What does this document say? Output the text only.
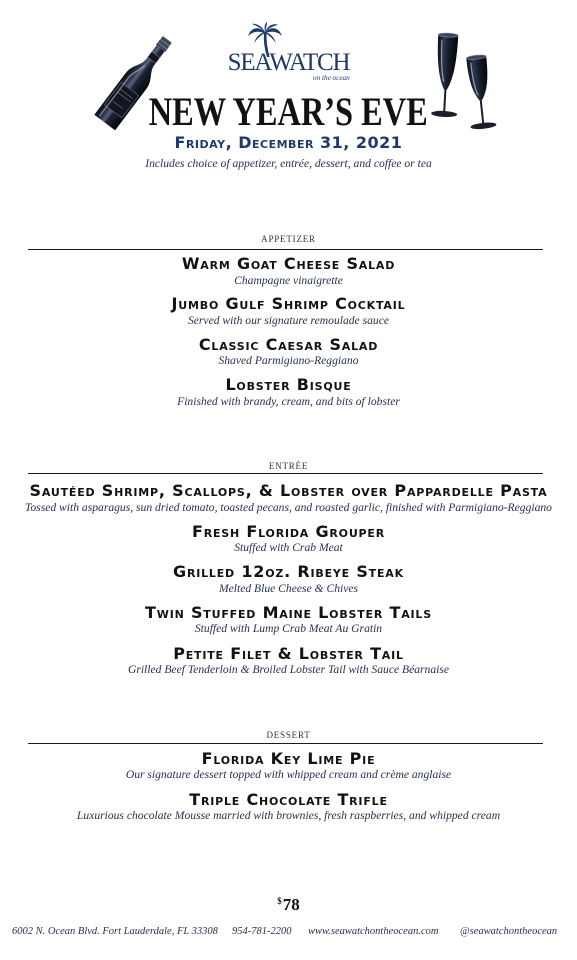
SEAWATCH
on the ocean
NEW YEAR’S EVE
Friday, December 31, 2021
Includes choice of appetizer, entrée, dessert, and coffee or tea
APPETIZER
Warm Goat Cheese Salad
Champagne vinaigrette
Jumbo Gulf Shrimp Cocktail
Served with our signature remoulade sauce
Classic Caesar Salad
Shaved Parmigiano-Reggiano
Lobster Bisque
Finished with brandy, cream, and bits of lobster
ENTRÉE
Sautéed Shrimp, Scallops, & Lobster over Pappardelle Pasta
Tossed with asparagus, sun dried tomato, toasted pecans, and roasted garlic, finished with Parmigiano-Reggiano
Fresh Florida Grouper
Stuffed with Crab Meat
Grilled 12oz. Ribeye Steak
Melted Blue Cheese & Chives
Twin Stuffed Maine Lobster Tails
Stuffed with Lump Crab Meat Au Gratin
Petite Filet & Lobster Tail
Grilled Beef Tenderloin & Broiled Lobster Tail with Sauce Béarnaise
DESSERT
Florida Key Lime Pie
Our signature dessert topped with whipped cream and crème anglaise
Triple Chocolate Trifle
Luxurious chocolate Mousse married with brownies, fresh raspberries, and whipped cream
$78
6002 N. Ocean Blvd. Fort Lauderdale, FL 33308 954-781-2200 www.seawatchontheocean.com @seawatchontheocean
